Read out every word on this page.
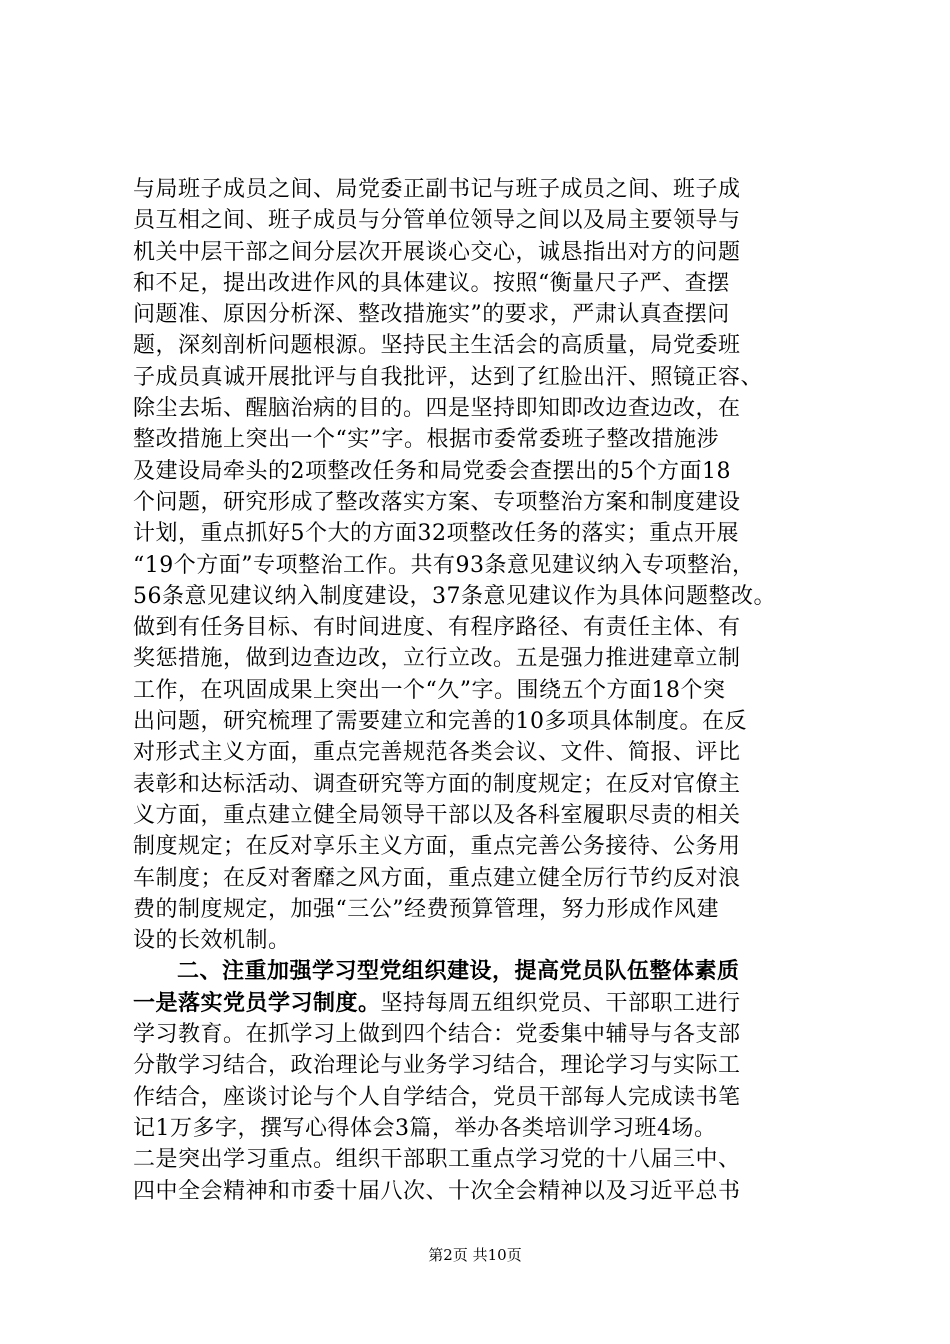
与局班子成员之间、局党委正副书记与班子成员之间、班子成
员互相之间、班子成员与分管单位领导之间以及局主要领导与
机关中层干部之间分层次开展谈心交心，诚恳指出对方的问题
和不足，提出改进作风的具体建议。按照“衡量尺子严、查摆
问题准、原因分析深、整改措施实”的要求，严肃认真查摆问
题，深刻剖析问题根源。坚持民主生活会的高质量，局党委班
子成员真诚开展批评与自我批评，达到了红脸出汗、照镜正容、
除尘去垢、醒脑治病的目的。四是坚持即知即改边查边改，在
整改措施上突出一个“实”字。根据市委常委班子整改措施涉
及建设局牵头的2项整改任务和局党委会查摆出的5个方面18
个问题，研究形成了整改落实方案、专项整治方案和制度建设
计划，重点抓好5个大的方面32项整改任务的落实；重点开展
“19个方面”专项整治工作。共有93条意见建议纳入专项整治，
56条意见建议纳入制度建设，37条意见建议作为具体问题整改。
做到有任务目标、有时间进度、有程序路径、有责任主体、有
奖惩措施，做到边查边改，立行立改。五是强力推进建章立制
工作，在巩固成果上突出一个“久”字。围绕五个方面18个突
出问题，研究梳理了需要建立和完善的10多项具体制度。在反
对形式主义方面，重点完善规范各类会议、文件、简报、评比
表彰和达标活动、调查研究等方面的制度规定；在反对官僚主
义方面，重点建立健全局领导干部以及各科室履职尽责的相关
制度规定；在反对享乐主义方面，重点完善公务接待、公务用
车制度；在反对奢靡之风方面，重点建立健全厉行节约反对浪
费的制度规定，加强“三公”经费预算管理，努力形成作风建
设的长效机制。
二、注重加强学习型党组织建设，提高党员队伍整体素质
一是落实党员学习制度。坚持每周五组织党员、干部职工进行
学习教育。在抓学习上做到四个结合：党委集中辅导与各支部
分散学习结合，政治理论与业务学习结合，理论学习与实际工
作结合，座谈讨论与个人自学结合，党员干部每人完成读书笔
记1万多字，撰写心得体会3篇，举办各类培训学习班4场。
二是突出学习重点。组织干部职工重点学习党的十八届三中、
四中全会精神和市委十届八次、十次全会精神以及习近平总书
第2页 共10页
